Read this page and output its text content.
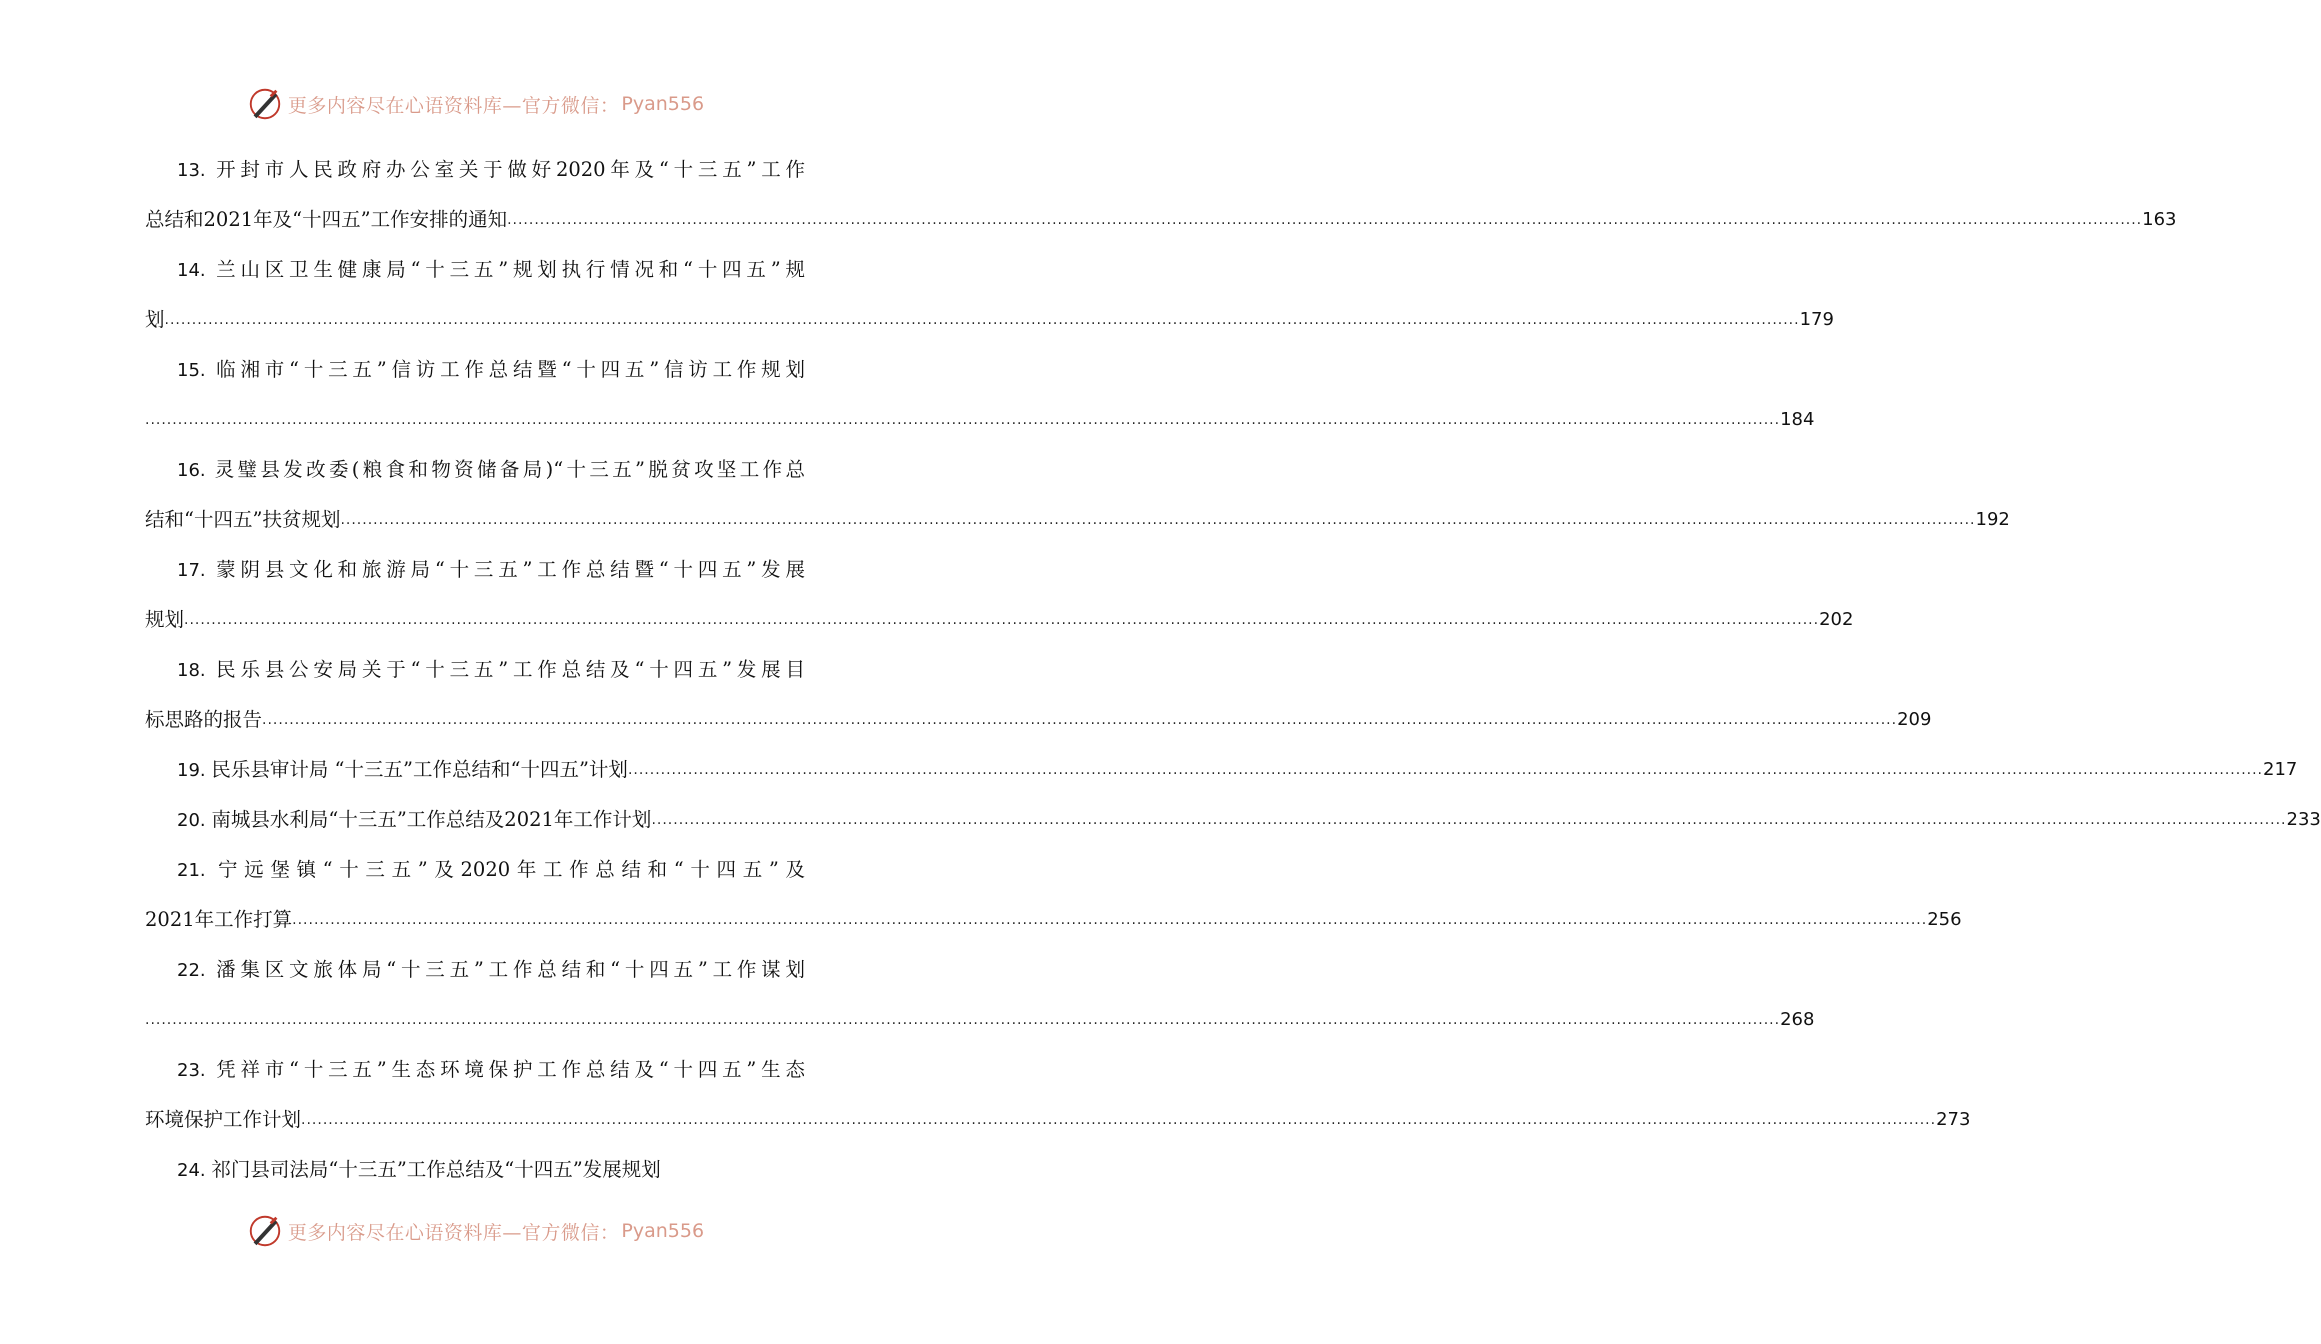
更多内容尽在心语资料库—官方微信： Pyan556
13. 开封市人民政府办公室关于做好2020年及“十三五”工作
总结和2021年及“十四五”工作安排的通知 ............................................................................................................................................................................................................................................................................................................ 163
14. 兰山区卫生健康局“十三五”规划执行情况和“十四五”规
划 ............................................................................................................................................................................................................................................................................................................ 179
15. 临湘市“十三五”信访工作总结暨“十四五”信访工作规划
............................................................................................................................................................................................................................................................................................................ 184
16. 灵璧县发改委(粮食和物资储备局)“十三五”脱贫攻坚工作总
结和“十四五”扶贫规划 ............................................................................................................................................................................................................................................................................................................ 192
17. 蒙阴县文化和旅游局“十三五”工作总结暨“十四五”发展
规划 ............................................................................................................................................................................................................................................................................................................ 202
18. 民乐县公安局关于“十三五”工作总结及“十四五”发展目
标思路的报告 ............................................................................................................................................................................................................................................................................................................ 209
19. 民乐县审计局 “十三五”工作总结和“十四五”计划 ............................................................................................................................................................................................................................................................................................................ 217
20. 南城县水利局“十三五”工作总结及2021年工作计划 ............................................................................................................................................................................................................................................................................................................ 233
21. 宁远堡镇“十三五”及2020年工作总结和“十四五”及
2021年工作打算 ............................................................................................................................................................................................................................................................................................................ 256
22. 潘集区文旅体局“十三五”工作总结和“十四五”工作谋划
............................................................................................................................................................................................................................................................................................................ 268
23. 凭祥市“十三五”生态环境保护工作总结及“十四五”生态
环境保护工作计划 ............................................................................................................................................................................................................................................................................................................ 273
24. 祁门县司法局“十三五”工作总结及“十四五”发展规划
更多内容尽在心语资料库—官方微信： Pyan556
